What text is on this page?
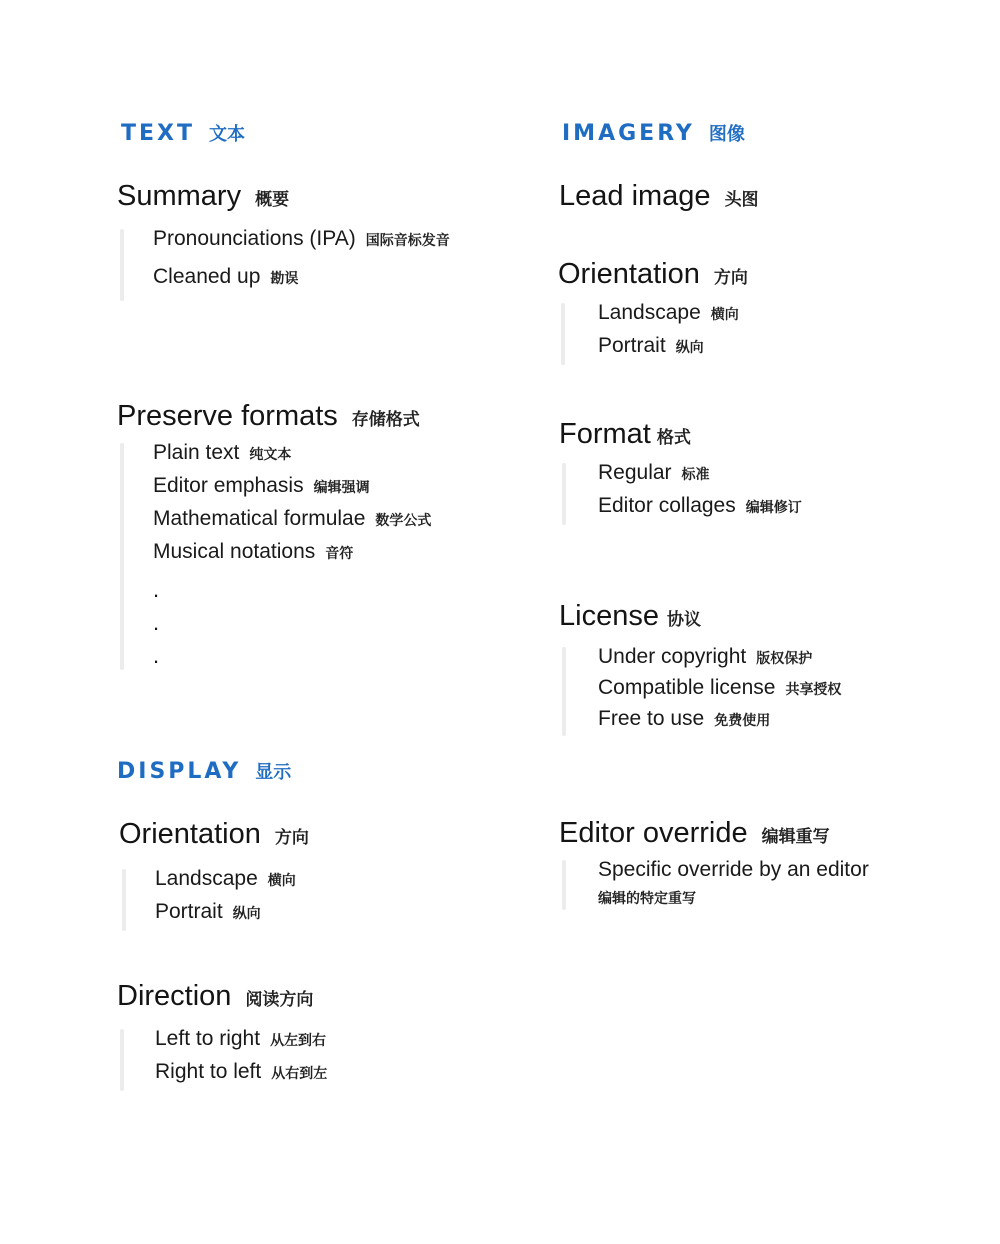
TEXT 文本
Summary 概要
Pronounciations (IPA) 国际音标发音
Cleaned up 勘误
Preserve formats 存储格式
Plain text 纯文本
Editor emphasis 编辑强调
Mathematical formulae 数学公式
Musical notations 音符
.
.
.
DISPLAY 显示
Orientation 方向
Landscape 横向
Portrait 纵向
Direction 阅读方向
Left to right 从左到右
Right to left 从右到左
IMAGERY 图像
Lead image 头图
Orientation 方向
Landscape 横向
Portrait 纵向
Format 格式
Regular 标准
Editor collages 编辑修订
License 协议
Under copyright 版权保护
Compatible license 共享授权
Free to use 免费使用
Editor override 编辑重写
Specific override by an editor
编辑的特定重写
